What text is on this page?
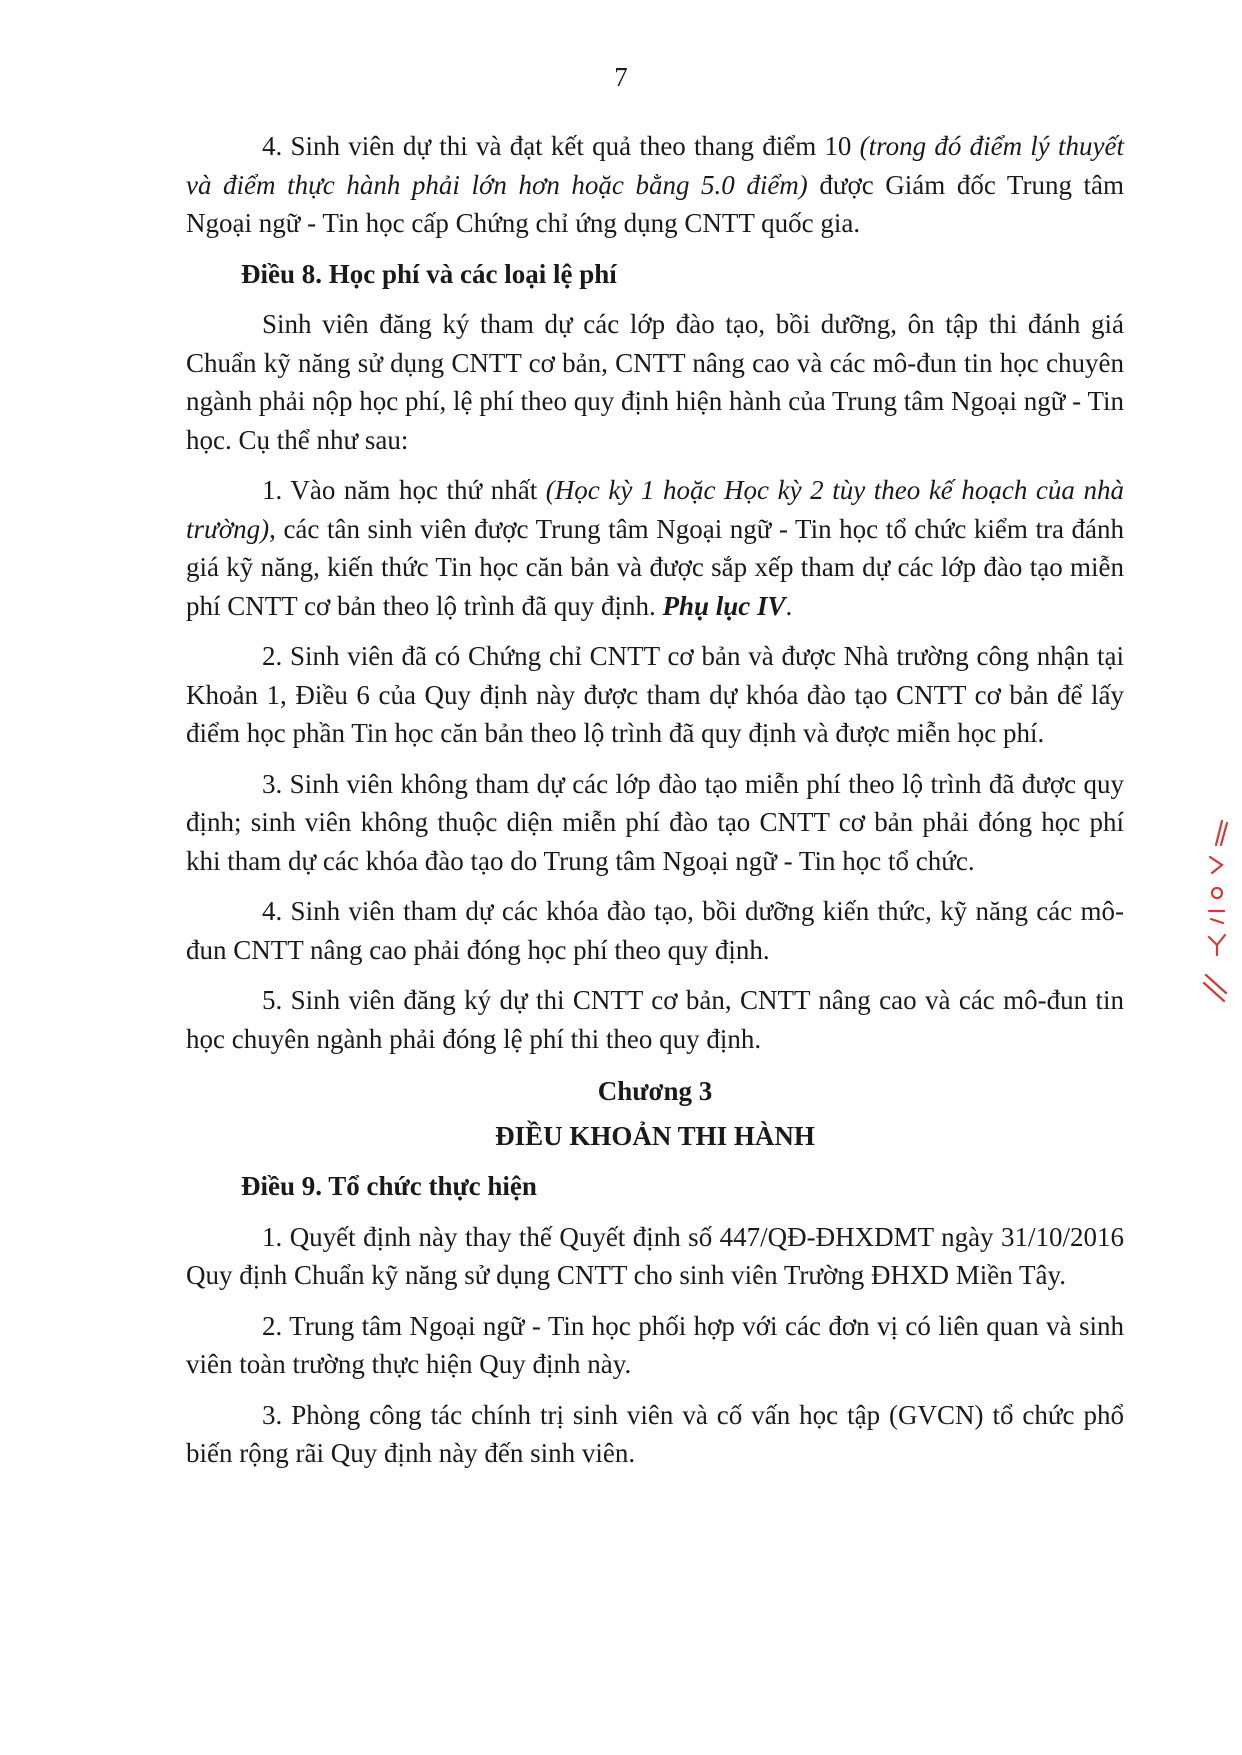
7

4. Sinh viên dự thi và đạt kết quả theo thang điểm 10 (trong đó điểm lý thuyết và điểm thực hành phải lớn hơn hoặc bằng 5.0 điểm) được Giám đốc Trung tâm Ngoại ngữ - Tin học cấp Chứng chỉ ứng dụng CNTT quốc gia.

Điều 8. Học phí và các loại lệ phí

Sinh viên đăng ký tham dự các lớp đào tạo, bồi dưỡng, ôn tập thi đánh giá Chuẩn kỹ năng sử dụng CNTT cơ bản, CNTT nâng cao và các mô-đun tin học chuyên ngành phải nộp học phí, lệ phí theo quy định hiện hành của Trung tâm Ngoại ngữ - Tin học. Cụ thể như sau:

1. Vào năm học thứ nhất (Học kỳ 1 hoặc Học kỳ 2 tùy theo kế hoạch của nhà trường), các tân sinh viên được Trung tâm Ngoại ngữ - Tin học tổ chức kiểm tra đánh giá kỹ năng, kiến thức Tin học căn bản và được sắp xếp tham dự các lớp đào tạo miễn phí CNTT cơ bản theo lộ trình đã quy định. Phụ lục IV.

2. Sinh viên đã có Chứng chỉ CNTT cơ bản và được Nhà trường công nhận tại Khoản 1, Điều 6 của Quy định này được tham dự khóa đào tạo CNTT cơ bản để lấy điểm học phần Tin học căn bản theo lộ trình đã quy định và được miễn học phí.

3. Sinh viên không tham dự các lớp đào tạo miễn phí theo lộ trình đã được quy định; sinh viên không thuộc diện miễn phí đào tạo CNTT cơ bản phải đóng học phí khi tham dự các khóa đào tạo do Trung tâm Ngoại ngữ - Tin học tổ chức.

4. Sinh viên tham dự các khóa đào tạo, bồi dưỡng kiến thức, kỹ năng các mô-đun CNTT nâng cao phải đóng học phí theo quy định.

5. Sinh viên đăng ký dự thi CNTT cơ bản, CNTT nâng cao và các mô-đun tin học chuyên ngành phải đóng lệ phí thi theo quy định.

Chương 3

ĐIỀU KHOẢN THI HÀNH

Điều 9. Tổ chức thực hiện

1. Quyết định này thay thế Quyết định số 447/QĐ-ĐHXDMT ngày 31/10/2016 Quy định Chuẩn kỹ năng sử dụng CNTT cho sinh viên Trường ĐHXD Miền Tây.

2. Trung tâm Ngoại ngữ - Tin học phối hợp với các đơn vị có liên quan và sinh viên toàn trường thực hiện Quy định này.

3. Phòng công tác chính trị sinh viên và cố vấn học tập (GVCN) tổ chức phổ biến rộng rãi Quy định này đến sinh viên.
